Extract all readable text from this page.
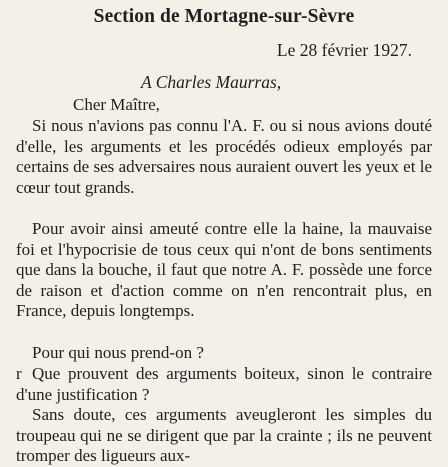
Section de Mortagne-sur-Sèvre
Le 28 février 1927.
A Charles Maurras,
Cher Maître,

Si nous n'avions pas connu l'A. F. ou si nous avions douté d'elle, les arguments et les procédés odieux employés par certains de ses adversaires nous auraient ouvert les yeux et le cœur tout grands.

Pour avoir ainsi ameuté contre elle la haine, la mauvaise foi et l'hypocrisie de tous ceux qui n'ont de bons sentiments que dans la bouche, il faut que notre A. F. possède une force de raison et d'action comme on n'en rencontrait plus, en France, depuis longtemps.

Pour qui nous prend-on ?

r Que prouvent des arguments boiteux, sinon le contraire d'une justification ?

Sans doute, ces arguments aveugleront les simples du troupeau qui ne se dirigent que par la crainte ; ils ne peuvent tromper des ligueurs aux-
